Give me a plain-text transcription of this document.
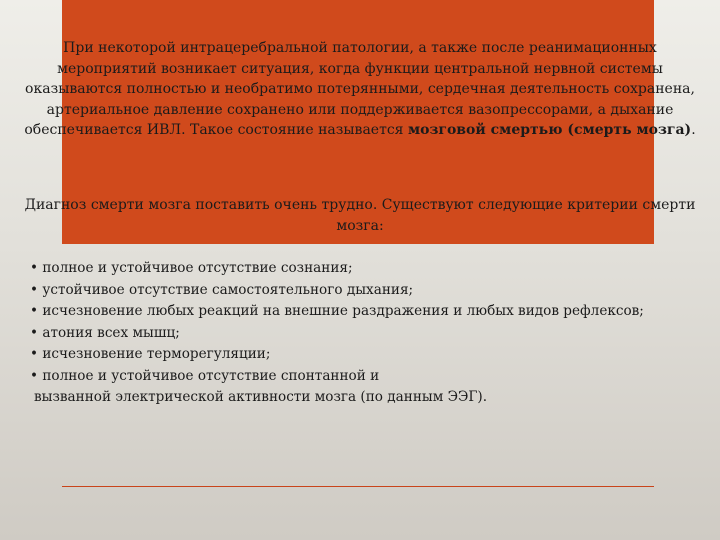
При некоторой интрацеребральной патологии, а также после реанимационных мероприятий возникает ситуация, когда функции центральной нервной системы оказываются полностью и необратимо потерянными, сердечная деятельность сохранена, артериальное давление сохранено или поддерживается вазопрессорами, а дыхание обеспечивается ИВЛ. Такое состояние называется мозговой смертью (смерть мозга).

Диагноз смерти мозга поставить очень трудно. Существуют следующие критерии смерти мозга:

• полное и устойчивое отсутствие сознания;
• устойчивое отсутствие самостоятельного дыхания;
• исчезновение любых реакций на внешние раздражения и любых видов рефлексов;
• атония всех мышц;
• исчезновение терморегуляции;
• полное и устойчивое отсутствие спонтанной и
вызванной электрической активности мозга (по данным ЭЭГ).
